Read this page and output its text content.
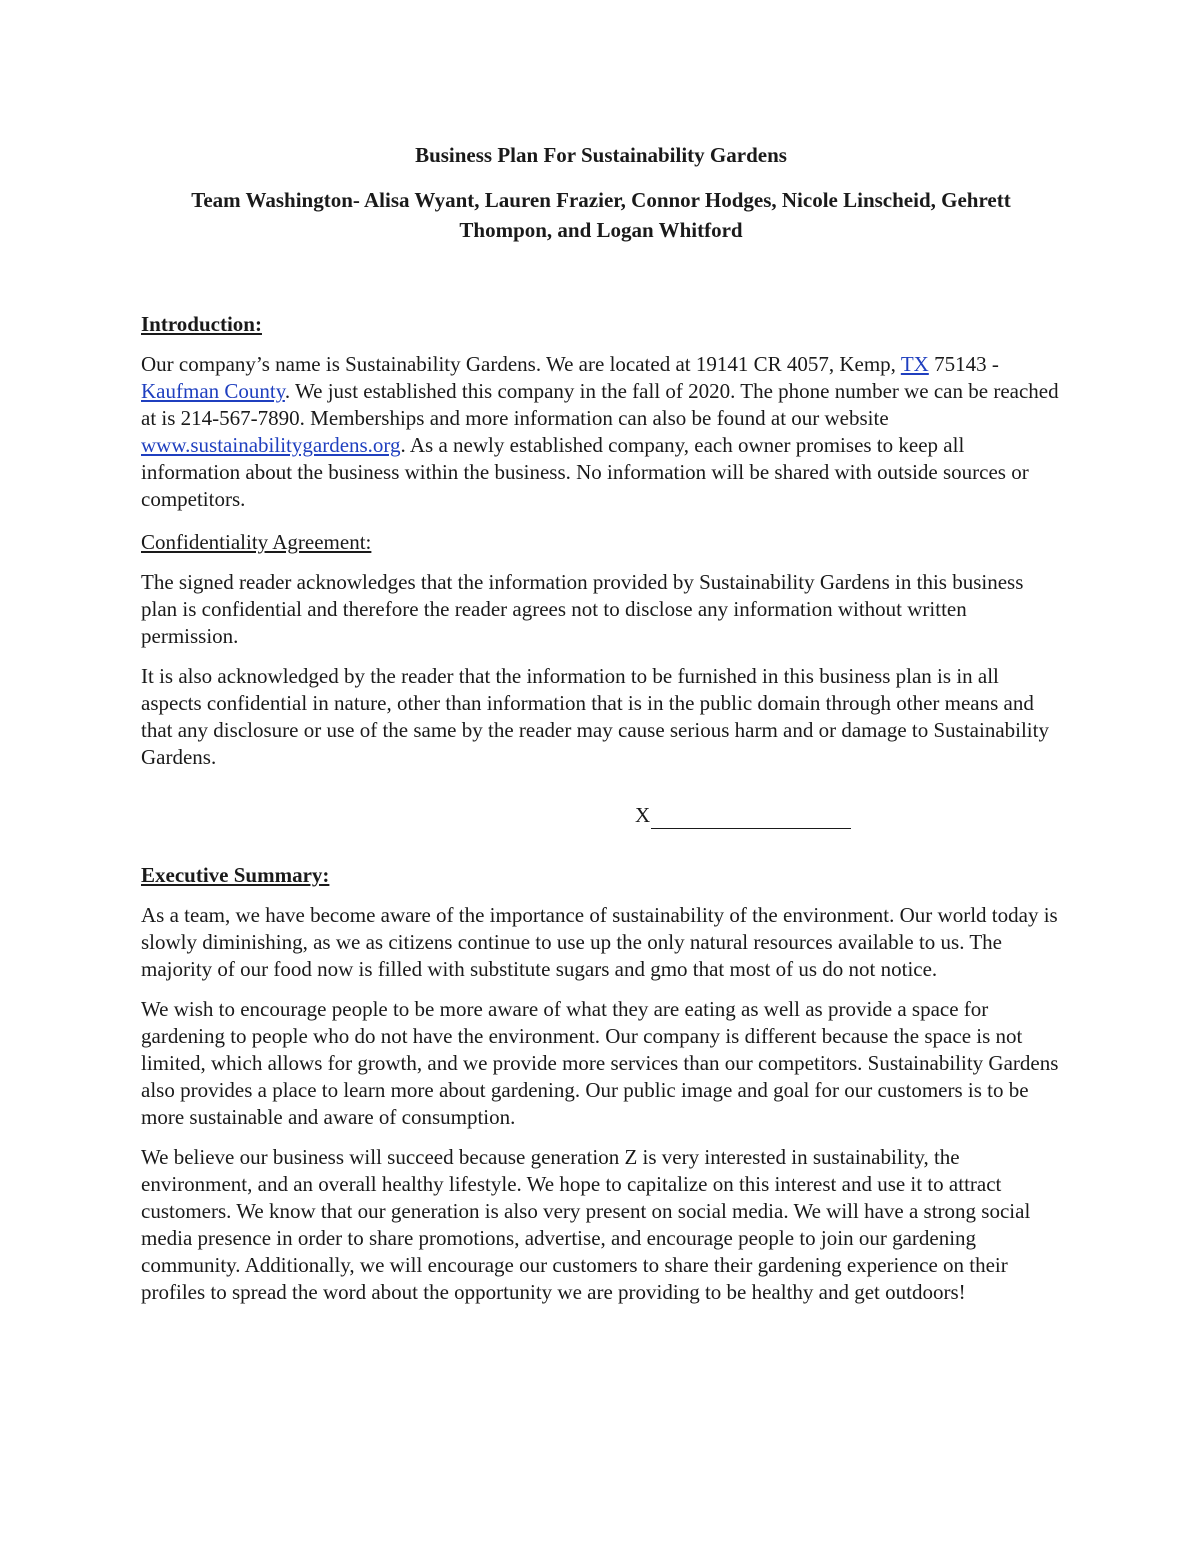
Business Plan For Sustainability Gardens
Team Washington- Alisa Wyant, Lauren Frazier, Connor Hodges, Nicole Linscheid, Gehrett Thompon, and Logan Whitford
Introduction:

Our company’s name is Sustainability Gardens. We are located at 19141 CR 4057, Kemp, TX 75143 - Kaufman County. We just established this company in the fall of 2020. The phone number we can be reached at is 214-567-7890. Memberships and more information can also be found at our website www.sustainabilitygardens.org. As a newly established company, each owner promises to keep all information about the business within the business. No information will be shared with outside sources or competitors.

Confidentiality Agreement:

The signed reader acknowledges that the information provided by Sustainability Gardens in this business plan is confidential and therefore the reader agrees not to disclose any information without written permission.

It is also acknowledged by the reader that the information to be furnished in this business plan is in all aspects confidential in nature, other than information that is in the public domain through other means and that any disclosure or use of the same by the reader may cause serious harm and or damage to Sustainability Gardens.

X
Executive Summary:

As a team, we have become aware of the importance of sustainability of the environment. Our world today is slowly diminishing, as we as citizens continue to use up the only natural resources available to us. The majority of our food now is filled with substitute sugars and gmo that most of us do not notice.

We wish to encourage people to be more aware of what they are eating as well as provide a space for gardening to people who do not have the environment. Our company is different because the space is not limited, which allows for growth, and we provide more services than our competitors. Sustainability Gardens also provides a place to learn more about gardening. Our public image and goal for our customers is to be more sustainable and aware of consumption.

We believe our business will succeed because generation Z is very interested in sustainability, the environment, and an overall healthy lifestyle. We hope to capitalize on this interest and use it to attract customers. We know that our generation is also very present on social media. We will have a strong social media presence in order to share promotions, advertise, and encourage people to join our gardening community. Additionally, we will encourage our customers to share their gardening experience on their profiles to spread the word about the opportunity we are providing to be healthy and get outdoors!
